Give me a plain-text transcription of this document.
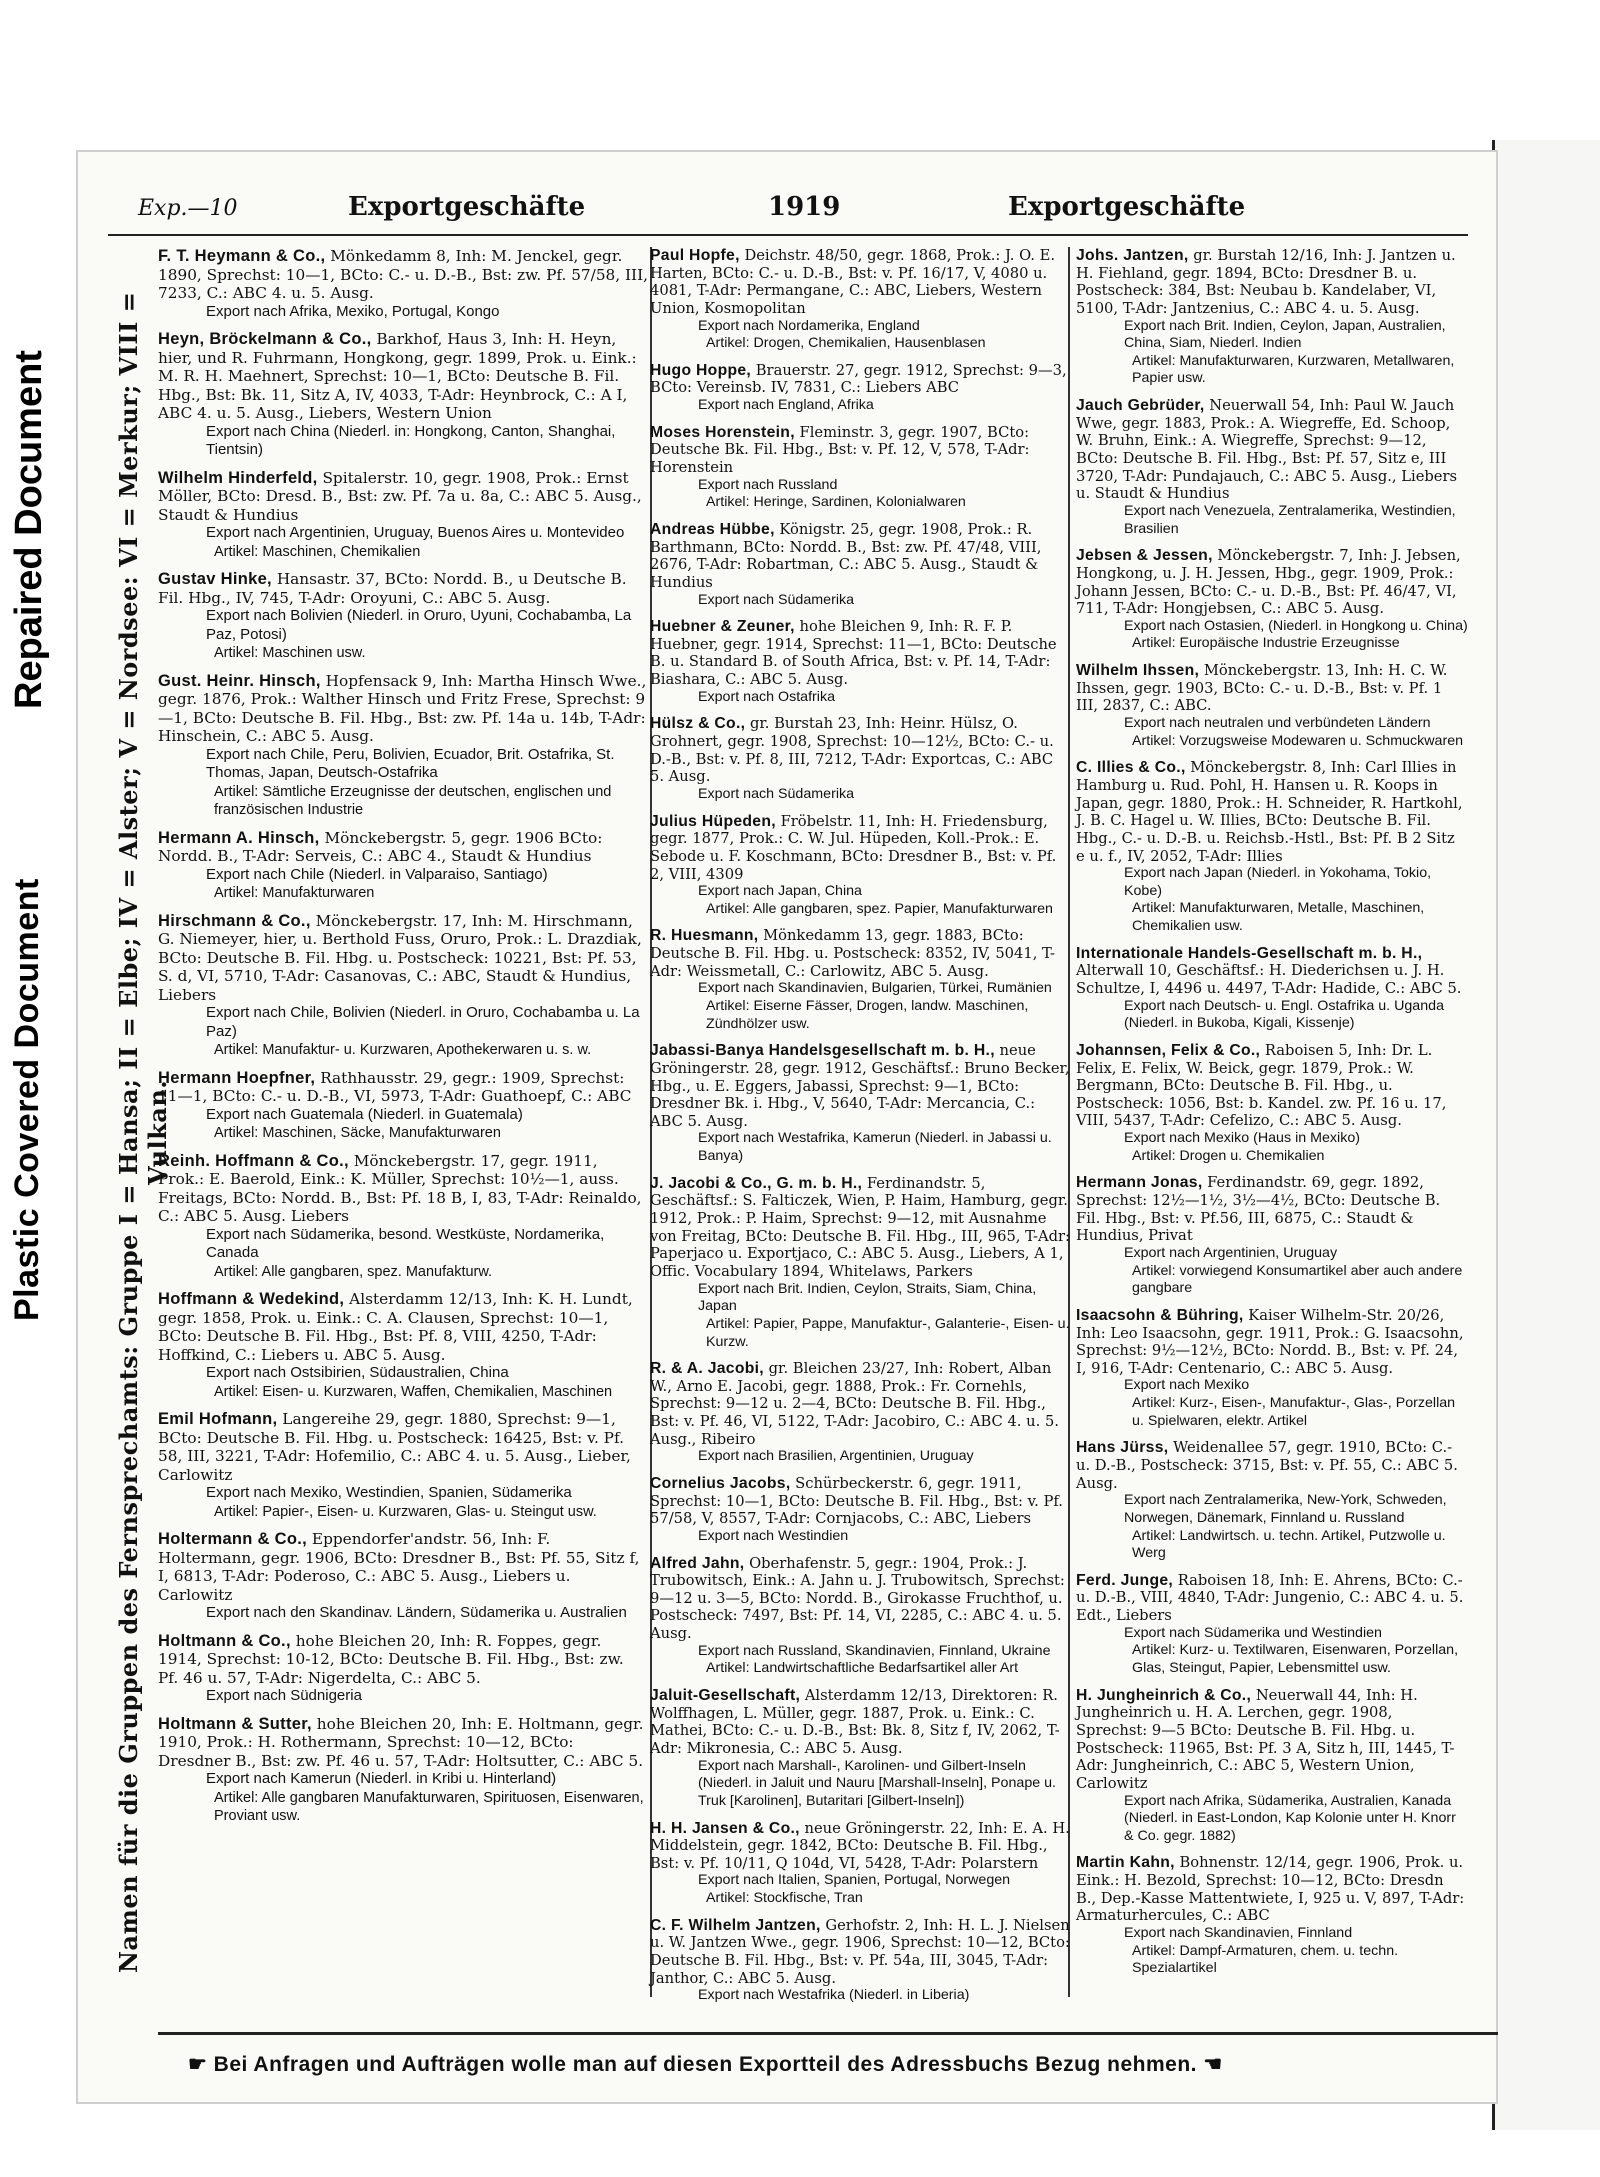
Repaired Document
Plastic Covered Document
Exp.—10	Exportgeschäfte	1919	Exportgeschäfte
Namen für die Gruppen des Fernsprechamts: Gruppe I = Hansa; II = Elbe; IV = Alster; V = Nordsee: VI = Merkur; VIII = Vulkan.
F. T. Heymann & Co., Mönkedamm 8, Inh: M. Jenckel, gegr. 1890, Sprechst: 10—1, BCto: C.- u. D.-B., Bst: zw. Pf. 57/58, III, 7233, C.: ABC 4. u. 5. Ausg.
Export nach Afrika, Mexiko, Portugal, Kongo
Heyn, Bröckelmann & Co., Barkhof, Haus 3, Inh: H. Heyn, hier, und R. Fuhrmann, Hongkong, gegr. 1899, Prok. u. Eink.: M. R. H. Maehnert, Sprechst: 10—1, BCto: Deutsche B. Fil. Hbg., Bst: Bk. 11, Sitz A, IV, 4033, T-Adr: Heynbrock, C.: A I, ABC 4. u. 5. Ausg., Liebers, Western Union
Export nach China (Niederl. in: Hongkong, Canton, Shanghai, Tientsin)
Wilhelm Hinderfeld, Spitalerstr. 10, gegr. 1908, Prok.: Ernst Möller, BCto: Dresd. B., Bst: zw. Pf. 7a u. 8a, C.: ABC 5. Ausg., Staudt & Hundius
Export nach Argentinien, Uruguay, Buenos Aires u. Montevideo
Artikel: Maschinen, Chemikalien
Gustav Hinke, Hansastr. 37, BCto: Nordd. B., u Deutsche B. Fil. Hbg., IV, 745, T-Adr: Oroyuni, C.: ABC 5. Ausg.
Export nach Bolivien (Niederl. in Oruro, Uyuni, Cochabamba, La Paz, Potosi)
Artikel: Maschinen usw.
Gust. Heinr. Hinsch, Hopfensack 9, Inh: Martha Hinsch Wwe., gegr. 1876, Prok.: Walther Hinsch und Fritz Frese, Sprechst: 9—1, BCto: Deutsche B. Fil. Hbg., Bst: zw. Pf. 14a u. 14b, T-Adr: Hinschein, C.: ABC 5. Ausg.
Export nach Chile, Peru, Bolivien, Ecuador, Brit. Ostafrika, St. Thomas, Japan, Deutsch-Ostafrika
Artikel: Sämtliche Erzeugnisse der deutschen, englischen und französischen Industrie
Hermann A. Hinsch, Mönckebergstr. 5, gegr. 1906 BCto: Nordd. B., T-Adr: Serveis, C.: ABC 4., Staudt & Hundius
Export nach Chile (Niederl. in Valparaiso, Santiago)
Artikel: Manufakturwaren
Hirschmann & Co., Mönckebergstr. 17, Inh: M. Hirschmann, G. Niemeyer, hier, u. Berthold Fuss, Oruro, Prok.: L. Drazdiak, BCto: Deutsche B. Fil. Hbg. u. Postscheck: 10221, Bst: Pf. 53, S. d, VI, 5710, T-Adr: Casanovas, C.: ABC, Staudt & Hundius, Liebers
Export nach Chile, Bolivien (Niederl. in Oruro, Cochabamba u. La Paz)
Artikel: Manufaktur- u. Kurzwaren, Apothekerwaren u. s. w.
Hermann Hoepfner, Rathhausstr. 29, gegr.: 1909, Sprechst: 11—1, BCto: C.- u. D.-B., VI, 5973, T-Adr: Guathoepf, C.: ABC
Export nach Guatemala (Niederl. in Guatemala)
Artikel: Maschinen, Säcke, Manufakturwaren
Reinh. Hoffmann & Co., Mönckebergstr. 17, gegr. 1911, Prok.: E. Baerold, Eink.: K. Müller, Sprechst: 10½—1, auss. Freitags, BCto: Nordd. B., Bst: Pf. 18 B, I, 83, T-Adr: Reinaldo, C.: ABC 5. Ausg. Liebers
Export nach Südamerika, besond. Westküste, Nordamerika, Canada
Artikel: Alle gangbaren, spez. Manufakturw.
Hoffmann & Wedekind, Alsterdamm 12/13, Inh: K. H. Lundt, gegr. 1858, Prok. u. Eink.: C. A. Clausen, Sprechst: 10—1, BCto: Deutsche B. Fil. Hbg., Bst: Pf. 8, VIII, 4250, T-Adr: Hoffkind, C.: Liebers u. ABC 5. Ausg.
Export nach Ostsibirien, Südaustralien, China
Artikel: Eisen- u. Kurzwaren, Waffen, Chemikalien, Maschinen
Emil Hofmann, Langereihe 29, gegr. 1880, Sprechst: 9—1, BCto: Deutsche B. Fil. Hbg. u. Postscheck: 16425, Bst: v. Pf. 58, III, 3221, T-Adr: Hofemilio, C.: ABC 4. u. 5. Ausg., Lieber, Carlowitz
Export nach Mexiko, Westindien, Spanien, Südamerika
Artikel: Papier-, Eisen- u. Kurzwaren, Glas- u. Steingut usw.
Holtermann & Co., Eppendorfer'andstr. 56, Inh: F. Holtermann, gegr. 1906, BCto: Dresdner B., Bst: Pf. 55, Sitz f, I, 6813, T-Adr: Poderoso, C.: ABC 5. Ausg., Liebers u. Carlowitz
Export nach den Skandinav. Ländern, Südamerika u. Australien
Holtmann & Co., hohe Bleichen 20, Inh: R. Foppes, gegr. 1914, Sprechst: 10-12, BCto: Deutsche B. Fil. Hbg., Bst: zw. Pf. 46 u. 57, T-Adr: Nigerdelta, C.: ABC 5.
Export nach Südnigeria
Holtmann & Sutter, hohe Bleichen 20, Inh: E. Holtmann, gegr. 1910, Prok.: H. Rothermann, Sprechst: 10—12, BCto: Dresdner B., Bst: zw. Pf. 46 u. 57, T-Adr: Holtsutter, C.: ABC 5.
Export nach Kamerun (Niederl. in Kribi u. Hinterland)
Artikel: Alle gangbaren Manufakturwaren, Spirituosen, Eisenwaren, Proviant usw.
Paul Hopfe, Deichstr. 48/50, gegr. 1868, Prok.: J. O. E. Harten, BCto: C.- u. D.-B., Bst: v. Pf. 16/17, V, 4080 u. 4081, T-Adr: Permangane, C.: ABC, Liebers, Western Union, Kosmopolitan
Export nach Nordamerika, England
Artikel: Drogen, Chemikalien, Hausenblasen
Hugo Hoppe, Brauerstr. 27, gegr. 1912, Sprechst: 9—3, BCto: Vereinsb. IV, 7831, C.: Liebers ABC
Export nach England, Afrika
Moses Horenstein, Fleminstr. 3, gegr. 1907, BCto: Deutsche Bk. Fil. Hbg., Bst: v. Pf. 12, V, 578, T-Adr: Horenstein
Export nach Russland
Artikel: Heringe, Sardinen, Kolonialwaren
Andreas Hübbe, Königstr. 25, gegr. 1908, Prok.: R. Barthmann, BCto: Nordd. B., Bst: zw. Pf. 47/48, VIII, 2676, T-Adr: Robartman, C.: ABC 5. Ausg., Staudt & Hundius
Export nach Südamerika
Huebner & Zeuner, hohe Bleichen 9, Inh: R. F. P. Huebner, gegr. 1914, Sprechst: 11—1, BCto: Deutsche B. u. Standard B. of South Africa, Bst: v. Pf. 14, T-Adr: Biashara, C.: ABC 5. Ausg.
Export nach Ostafrika
Hülsz & Co., gr. Burstah 23, Inh: Heinr. Hülsz, O. Grohnert, gegr. 1908, Sprechst: 10—12½, BCto: C.- u. D.-B., Bst: v. Pf. 8, III, 7212, T-Adr: Exportcas, C.: ABC 5. Ausg.
Export nach Südamerika
Julius Hüpeden, Fröbelstr. 11, Inh: H. Friedensburg, gegr. 1877, Prok.: C. W. Jul. Hüpeden, Koll.-Prok.: E. Sebode u. F. Koschmann, BCto: Dresdner B., Bst: v. Pf. 2, VIII, 4309
Export nach Japan, China
Artikel: Alle gangbaren, spez. Papier, Manufakturwaren
R. Huesmann, Mönkedamm 13, gegr. 1883, BCto: Deutsche B. Fil. Hbg. u. Postscheck: 8352, IV, 5041, T-Adr: Weissmetall, C.: Carlowitz, ABC 5. Ausg.
Export nach Skandinavien, Bulgarien, Türkei, Rumänien
Artikel: Eiserne Fässer, Drogen, landw. Maschinen, Zündhölzer usw.
Jabassi-Banya Handelsgesellschaft m. b. H., neue Gröningerstr. 28, gegr. 1912, Geschäftsf.: Bruno Becker, Hbg., u. E. Eggers, Jabassi, Sprechst: 9—1, BCto: Dresdner Bk. i. Hbg., V, 5640, T-Adr: Mercancia, C.: ABC 5. Ausg.
Export nach Westafrika, Kamerun (Niederl. in Jabassi u. Banya)
J. Jacobi & Co., G. m. b. H., Ferdinandstr. 5, Geschäftsf.: S. Falticzek, Wien, P. Haim, Hamburg, gegr. 1912, Prok.: P. Haim, Sprechst: 9—12, mit Ausnahme von Freitag, BCto: Deutsche B. Fil. Hbg., III, 965, T-Adr: Paperjaco u. Exportjaco, C.: ABC 5. Ausg., Liebers, A 1, Offic. Vocabulary 1894, Whitelaws, Parkers
Export nach Brit. Indien, Ceylon, Straits, Siam, China, Japan
Artikel: Papier, Pappe, Manufaktur-, Galanterie-, Eisen- u. Kurzw.
R. & A. Jacobi, gr. Bleichen 23/27, Inh: Robert, Alban W., Arno E. Jacobi, gegr. 1888, Prok.: Fr. Cornehls, Sprechst: 9—12 u. 2—4, BCto: Deutsche B. Fil. Hbg., Bst: v. Pf. 46, VI, 5122, T-Adr: Jacobiro, C.: ABC 4. u. 5. Ausg., Ribeiro
Export nach Brasilien, Argentinien, Uruguay
Cornelius Jacobs, Schürbeckerstr. 6, gegr. 1911, Sprechst: 10—1, BCto: Deutsche B. Fil. Hbg., Bst: v. Pf. 57/58, V, 8557, T-Adr: Cornjacobs, C.: ABC, Liebers
Export nach Westindien
Alfred Jahn, Oberhafenstr. 5, gegr.: 1904, Prok.: J. Trubowitsch, Eink.: A. Jahn u. J. Trubowitsch, Sprechst: 9—12 u. 3—5, BCto: Nordd. B., Girokasse Fruchthof, u. Postscheck: 7497, Bst: Pf. 14, VI, 2285, C.: ABC 4. u. 5. Ausg.
Export nach Russland, Skandinavien, Finnland, Ukraine
Artikel: Landwirtschaftliche Bedarfsartikel aller Art
Jaluit-Gesellschaft, Alsterdamm 12/13, Direktoren: R. Wolffhagen, L. Müller, gegr. 1887, Prok. u. Eink.: C. Mathei, BCto: C.- u. D.-B., Bst: Bk. 8, Sitz f, IV, 2062, T-Adr: Mikronesia, C.: ABC 5. Ausg.
Export nach Marshall-, Karolinen- und Gilbert-Inseln (Niederl. in Jaluit und Nauru [Marshall-Inseln], Ponape u. Truk [Karolinen], Butaritari [Gilbert-Inseln])
H. H. Jansen & Co., neue Gröningerstr. 22, Inh: E. A. H. Middelstein, gegr. 1842, BCto: Deutsche B. Fil. Hbg., Bst: v. Pf. 10/11, Q 104d, VI, 5428, T-Adr: Polarstern
Export nach Italien, Spanien, Portugal, Norwegen
Artikel: Stockfische, Tran
C. F. Wilhelm Jantzen, Gerhofstr. 2, Inh: H. L. J. Nielsen u. W. Jantzen Wwe., gegr. 1906, Sprechst: 10—12, BCto: Deutsche B. Fil. Hbg., Bst: v. Pf. 54a, III, 3045, T-Adr: Janthor, C.: ABC 5. Ausg.
Export nach Westafrika (Niederl. in Liberia)
Johs. Jantzen, gr. Burstah 12/16, Inh: J. Jantzen u. H. Fiehland, gegr. 1894, BCto: Dresdner B. u. Postscheck: 384, Bst: Neubau b. Kandelaber, VI, 5100, T-Adr: Jantzenius, C.: ABC 4. u. 5. Ausg.
Export nach Brit. Indien, Ceylon, Japan, Australien, China, Siam, Niederl. Indien
Artikel: Manufakturwaren, Kurzwaren, Metallwaren, Papier usw.
Jauch Gebrüder, Neuerwall 54, Inh: Paul W. Jauch Wwe, gegr. 1883, Prok.: A. Wiegreffe, Ed. Schoop, W. Bruhn, Eink.: A. Wiegreffe, Sprechst: 9—12, BCto: Deutsche B. Fil. Hbg., Bst: Pf. 57, Sitz e, III 3720, T-Adr: Pundajauch, C.: ABC 5. Ausg., Liebers u. Staudt & Hundius
Export nach Venezuela, Zentralamerika, Westindien, Brasilien
Jebsen & Jessen, Mönckebergstr. 7, Inh: J. Jebsen, Hongkong, u. J. H. Jessen, Hbg., gegr. 1909, Prok.: Johann Jessen, BCto: C.- u. D.-B., Bst: Pf. 46/47, VI, 711, T-Adr: Hongjebsen, C.: ABC 5. Ausg.
Export nach Ostasien, (Niederl. in Hongkong u. China)
Artikel: Europäische Industrie Erzeugnisse
Wilhelm Ihssen, Mönckebergstr. 13, Inh: H. C. W. Ihssen, gegr. 1903, BCto: C.- u. D.-B., Bst: v. Pf. 1 III, 2837, C.: ABC.
Export nach neutralen und verbündeten Ländern
Artikel: Vorzugsweise Modewaren u. Schmuckwaren
C. Illies & Co., Mönckebergstr. 8, Inh: Carl Illies in Hamburg u. Rud. Pohl, H. Hansen u. R. Koops in Japan, gegr. 1880, Prok.: H. Schneider, R. Hartkohl, J. B. C. Hagel u. W. Illies, BCto: Deutsche B. Fil. Hbg., C.- u. D.-B. u. Reichsb.-Hstl., Bst: Pf. B 2 Sitz e u. f., IV, 2052, T-Adr: Illies
Export nach Japan (Niederl. in Yokohama, Tokio, Kobe)
Artikel: Manufakturwaren, Metalle, Maschinen, Chemikalien usw.
Internationale Handels-Gesellschaft m. b. H., Alterwall 10, Geschäftsf.: H. Diederichsen u. J. H. Schultze, I, 4496 u. 4497, T-Adr: Hadide, C.: ABC 5.
Export nach Deutsch- u. Engl. Ostafrika u. Uganda (Niederl. in Bukoba, Kigali, Kissenje)
Johannsen, Felix & Co., Raboisen 5, Inh: Dr. L. Felix, E. Felix, W. Beick, gegr. 1879, Prok.: W. Bergmann, BCto: Deutsche B. Fil. Hbg., u. Postscheck: 1056, Bst: b. Kandel. zw. Pf. 16 u. 17, VIII, 5437, T-Adr: Cefelizo, C.: ABC 5. Ausg.
Export nach Mexiko (Haus in Mexiko)
Artikel: Drogen u. Chemikalien
Hermann Jonas, Ferdinandstr. 69, gegr. 1892, Sprechst: 12½—1½, 3½—4½, BCto: Deutsche B. Fil. Hbg., Bst: v. Pf.56, III, 6875, C.: Staudt & Hundius, Privat
Export nach Argentinien, Uruguay
Artikel: vorwiegend Konsumartikel aber auch andere gangbare
Isaacsohn & Bühring, Kaiser Wilhelm-Str. 20/26, Inh: Leo Isaacsohn, gegr. 1911, Prok.: G. Isaacsohn, Sprechst: 9½—12½, BCto: Nordd. B., Bst: v. Pf. 24, I, 916, T-Adr: Centenario, C.: ABC 5. Ausg.
Export nach Mexiko
Artikel: Kurz-, Eisen-, Manufaktur-, Glas-, Porzellan u. Spielwaren, elektr. Artikel
Hans Jürss, Weidenallee 57, gegr. 1910, BCto: C.- u. D.-B., Postscheck: 3715, Bst: v. Pf. 55, C.: ABC 5. Ausg.
Export nach Zentralamerika, New-York, Schweden, Norwegen, Dänemark, Finnland u. Russland
Artikel: Landwirtsch. u. techn. Artikel, Putzwolle u. Werg
Ferd. Junge, Raboisen 18, Inh: E. Ahrens, BCto: C.- u. D.-B., VIII, 4840, T-Adr: Jungenio, C.: ABC 4. u. 5. Edt., Liebers
Export nach Südamerika und Westindien
Artikel: Kurz- u. Textilwaren, Eisenwaren, Porzellan, Glas, Steingut, Papier, Lebensmittel usw.
H. Jungheinrich & Co., Neuerwall 44, Inh: H. Jungheinrich u. H. A. Lerchen, gegr. 1908, Sprechst: 9—5 BCto: Deutsche B. Fil. Hbg. u. Postscheck: 11965, Bst: Pf. 3 A, Sitz h, III, 1445, T-Adr: Jungheinrich, C.: ABC 5, Western Union, Carlowitz
Export nach Afrika, Südamerika, Australien, Kanada (Niederl. in East-London, Kap Kolonie unter H. Knorr & Co. gegr. 1882)
Martin Kahn, Bohnenstr. 12/14, gegr. 1906, Prok. u. Eink.: H. Bezold, Sprechst: 10—12, BCto: Dresdn B., Dep.-Kasse Mattentwiete, I, 925 u. V, 897, T-Adr: Armaturhercules, C.: ABC
Export nach Skandinavien, Finnland
Artikel: Dampf-Armaturen, chem. u. techn. Spezialartikel
☛ Bei Anfragen und Aufträgen wolle man auf diesen Exportteil des Adressbuchs Bezug nehmen. ☚
